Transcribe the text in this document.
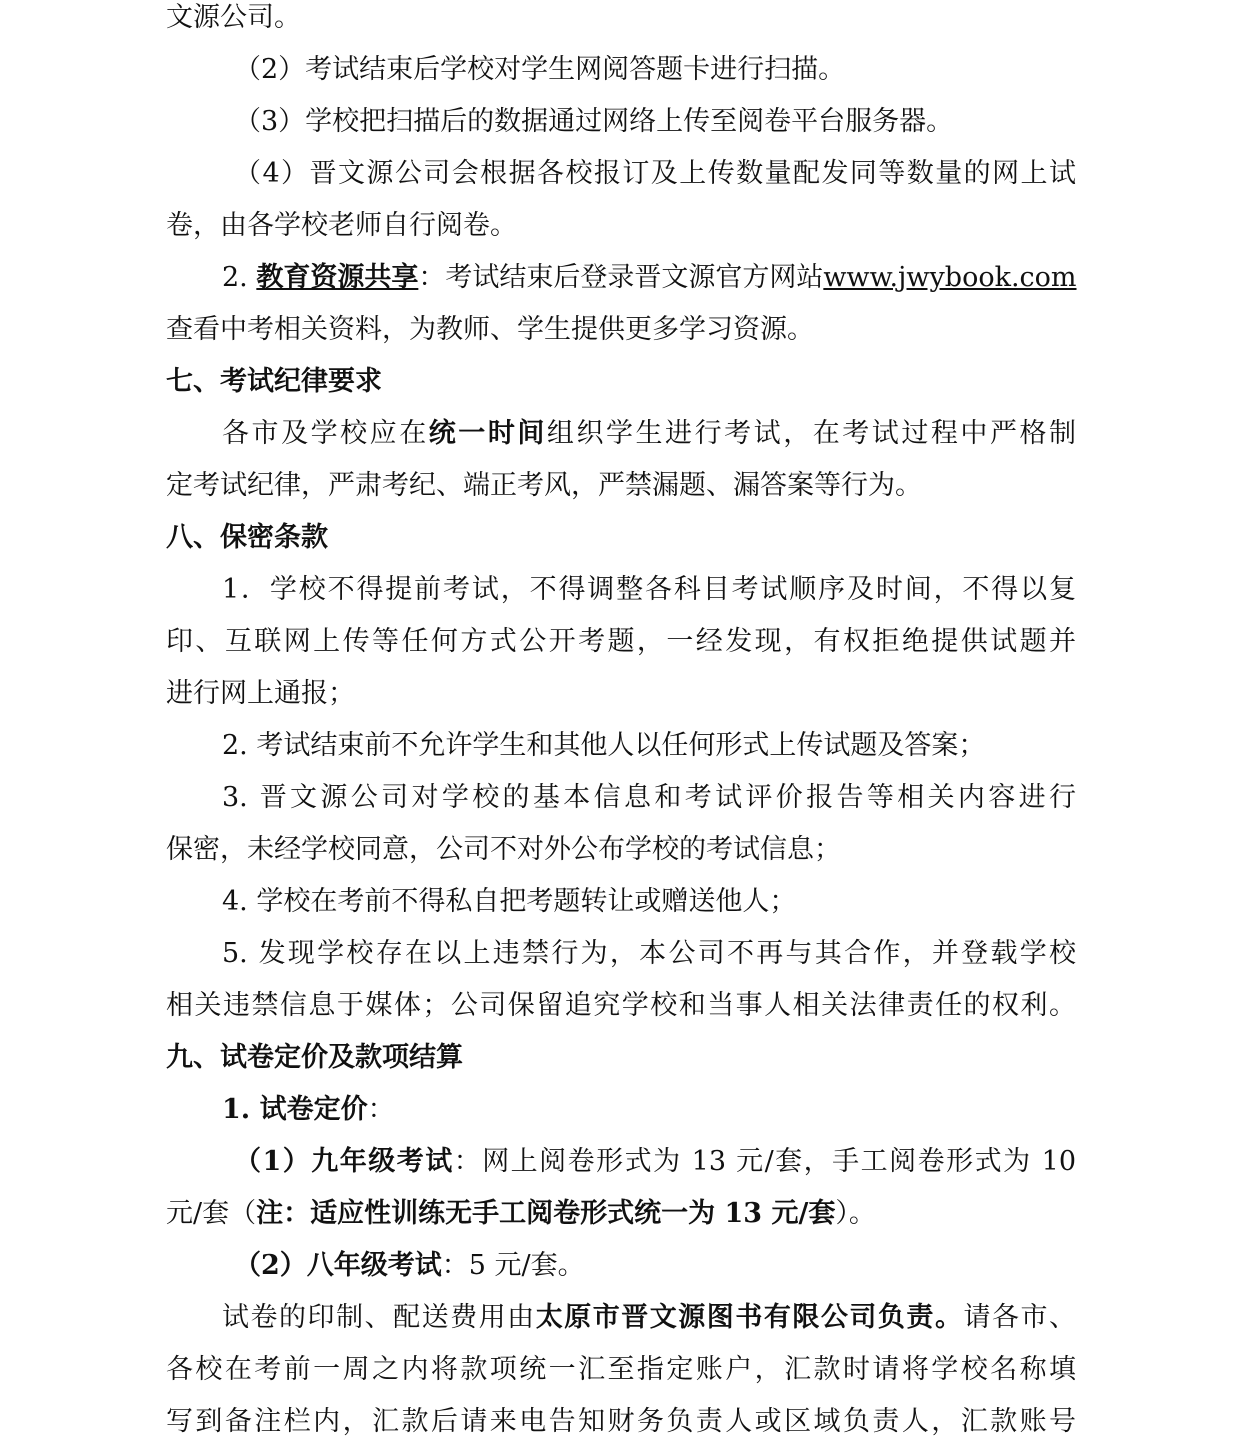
文源公司。
（2）考试结束后学校对学生网阅答题卡进行扫描。
（3）学校把扫描后的数据通过网络上传至阅卷平台服务器。
（4）晋文源公司会根据各校报订及上传数量配发同等数量的网上试
卷，由各学校老师自行阅卷。
2. 教育资源共享：考试结束后登录晋文源官方网站www.jwybook.com
查看中考相关资料，为教师、学生提供更多学习资源。
七、考试纪律要求
各市及学校应在统一时间组织学生进行考试，在考试过程中严格制
定考试纪律，严肃考纪、端正考风，严禁漏题、漏答案等行为。
八、保密条款
1．学校不得提前考试，不得调整各科目考试顺序及时间，不得以复
印、互联网上传等任何方式公开考题，一经发现，有权拒绝提供试题并
进行网上通报；
2. 考试结束前不允许学生和其他人以任何形式上传试题及答案；
3. 晋文源公司对学校的基本信息和考试评价报告等相关内容进行
保密，未经学校同意，公司不对外公布学校的考试信息；
4. 学校在考前不得私自把考题转让或赠送他人；
5. 发现学校存在以上违禁行为，本公司不再与其合作，并登载学校
相关违禁信息于媒体；公司保留追究学校和当事人相关法律责任的权利。
九、试卷定价及款项结算
1. 试卷定价：
（1）九年级考试：网上阅卷形式为 13 元/套，手工阅卷形式为 10
元/套（注：适应性训练无手工阅卷形式统一为 13 元/套）。
（2）八年级考试：5 元/套。
试卷的印制、配送费用由太原市晋文源图书有限公司负责。请各市、
各校在考前一周之内将款项统一汇至指定账户，汇款时请将学校名称填
写到备注栏内，汇款后请来电告知财务负责人或区域负责人，汇款账号
